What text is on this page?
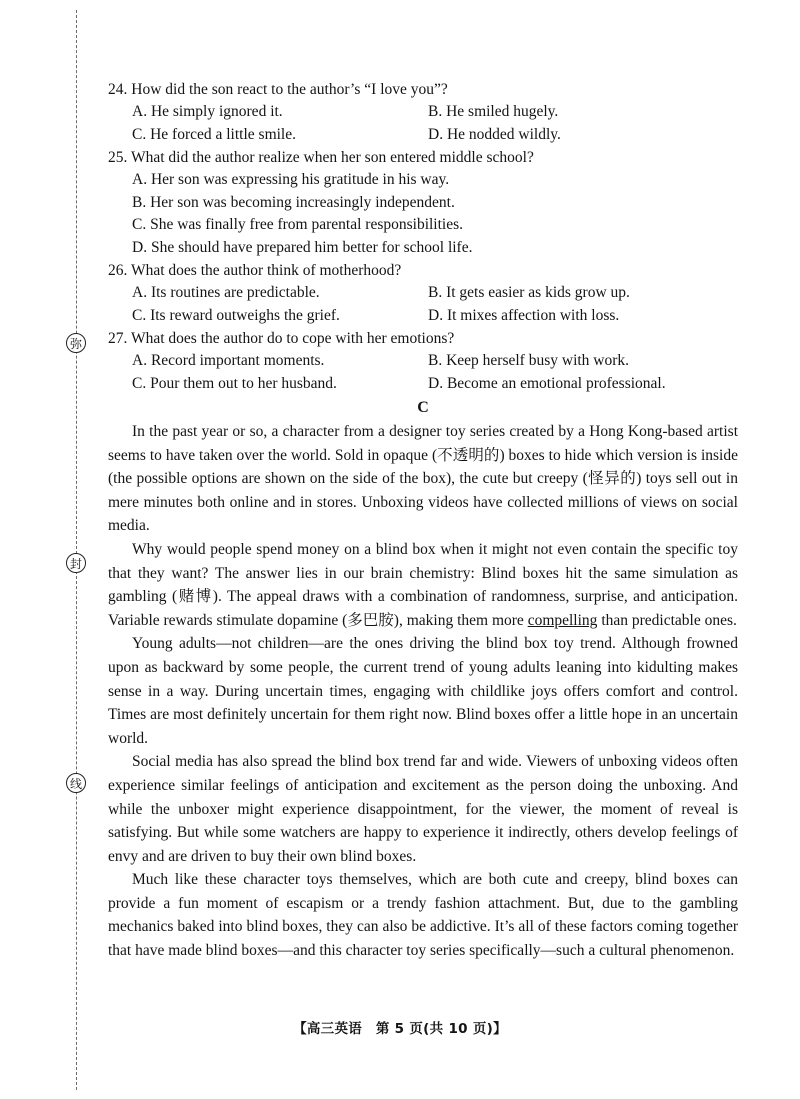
弥
封
线
24. How did the son react to the author’s “I love you”?
A. He simply ignored it.	B. He smiled hugely.
C. He forced a little smile.	D. He nodded wildly.
25. What did the author realize when her son entered middle school?
A. Her son was expressing his gratitude in his way.
B. Her son was becoming increasingly independent.
C. She was finally free from parental responsibilities.
D. She should have prepared him better for school life.
26. What does the author think of motherhood?
A. Its routines are predictable.	B. It gets easier as kids grow up.
C. Its reward outweighs the grief.	D. It mixes affection with loss.
27. What does the author do to cope with her emotions?
A. Record important moments.	B. Keep herself busy with work.
C. Pour them out to her husband.	D. Become an emotional professional.
C

In the past year or so, a character from a designer toy series created by a Hong Kong-based artist seems to have taken over the world. Sold in opaque (不透明的) boxes to hide which version is inside (the possible options are shown on the side of the box), the cute but creepy (怪异的) toys sell out in mere minutes both online and in stores. Unboxing videos have collected millions of views on social media.

Why would people spend money on a blind box when it might not even contain the specific toy that they want? The answer lies in our brain chemistry: Blind boxes hit the same simulation as gambling (赌博). The appeal draws with a combination of randomness, surprise, and anticipation. Variable rewards stimulate dopamine (多巴胺), making them more compelling than predictable ones.

Young adults—not children—are the ones driving the blind box toy trend. Although frowned upon as backward by some people, the current trend of young adults leaning into kidulting makes sense in a way. During uncertain times, engaging with childlike joys offers comfort and control. Times are most definitely uncertain for them right now. Blind boxes offer a little hope in an uncertain world.

Social media has also spread the blind box trend far and wide. Viewers of unboxing videos often experience similar feelings of anticipation and excitement as the person doing the unboxing. And while the unboxer might experience disappointment, for the viewer, the moment of reveal is satisfying. But while some watchers are happy to experience it indirectly, others develop feelings of envy and are driven to buy their own blind boxes.

Much like these character toys themselves, which are both cute and creepy, blind boxes can provide a fun moment of escapism or a trendy fashion attachment. But, due to the gambling mechanics baked into blind boxes, they can also be addictive. It’s all of these factors coming together that have made blind boxes—and this character toy series specifically—such a cultural phenomenon.

【高三英语　第 5 页(共 10 页)】
